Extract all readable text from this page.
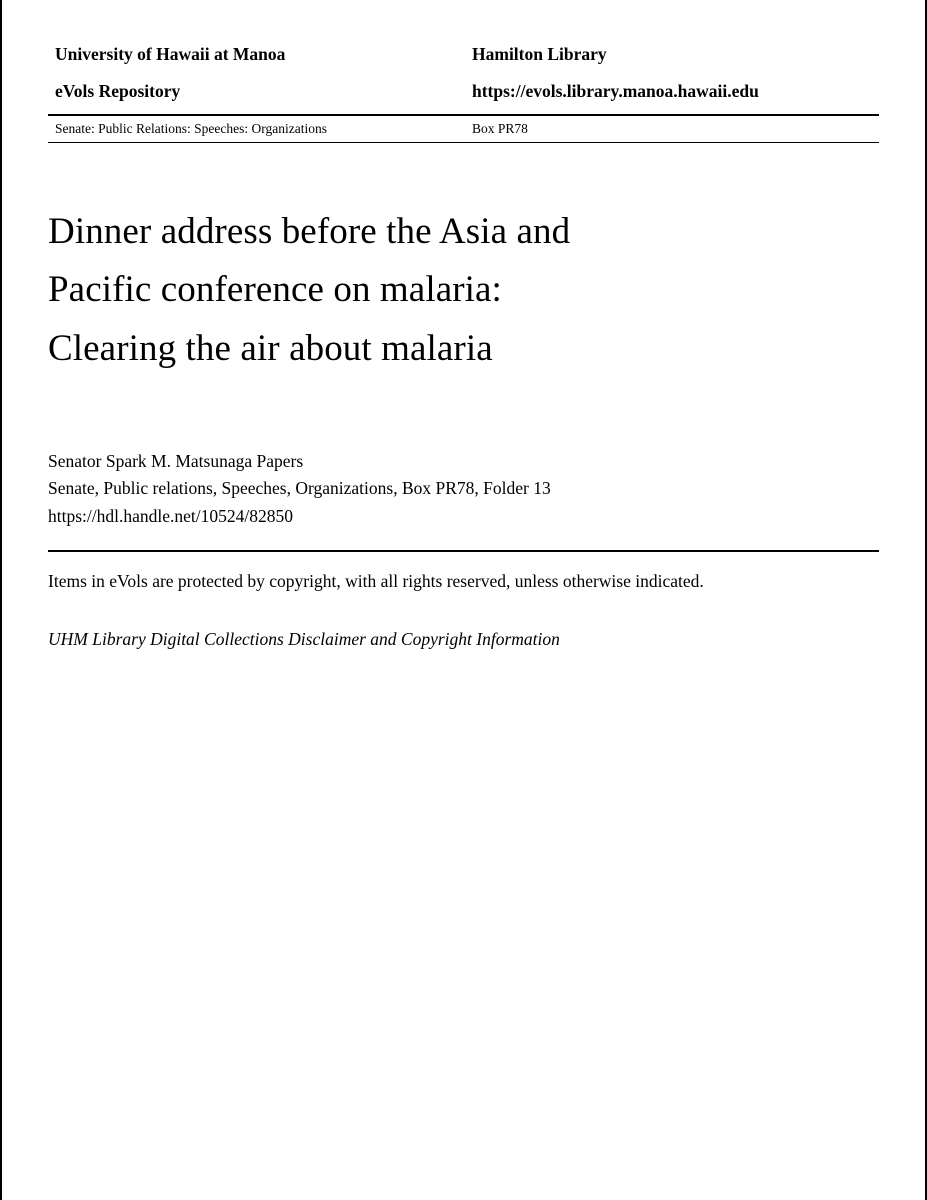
University of Hawaii at Manoa	Hamilton Library
eVols Repository	https://evols.library.manoa.hawaii.edu
Senate: Public Relations: Speeches: Organizations	Box PR78
Dinner address before the Asia and
Pacific conference on malaria:
Clearing the air about malaria
Senator Spark M. Matsunaga Papers
Senate, Public relations, Speeches, Organizations, Box PR78, Folder 13
https://hdl.handle.net/10524/82850
Items in eVols are protected by copyright, with all rights reserved, unless otherwise indicated.
UHM Library Digital Collections Disclaimer and Copyright Information
